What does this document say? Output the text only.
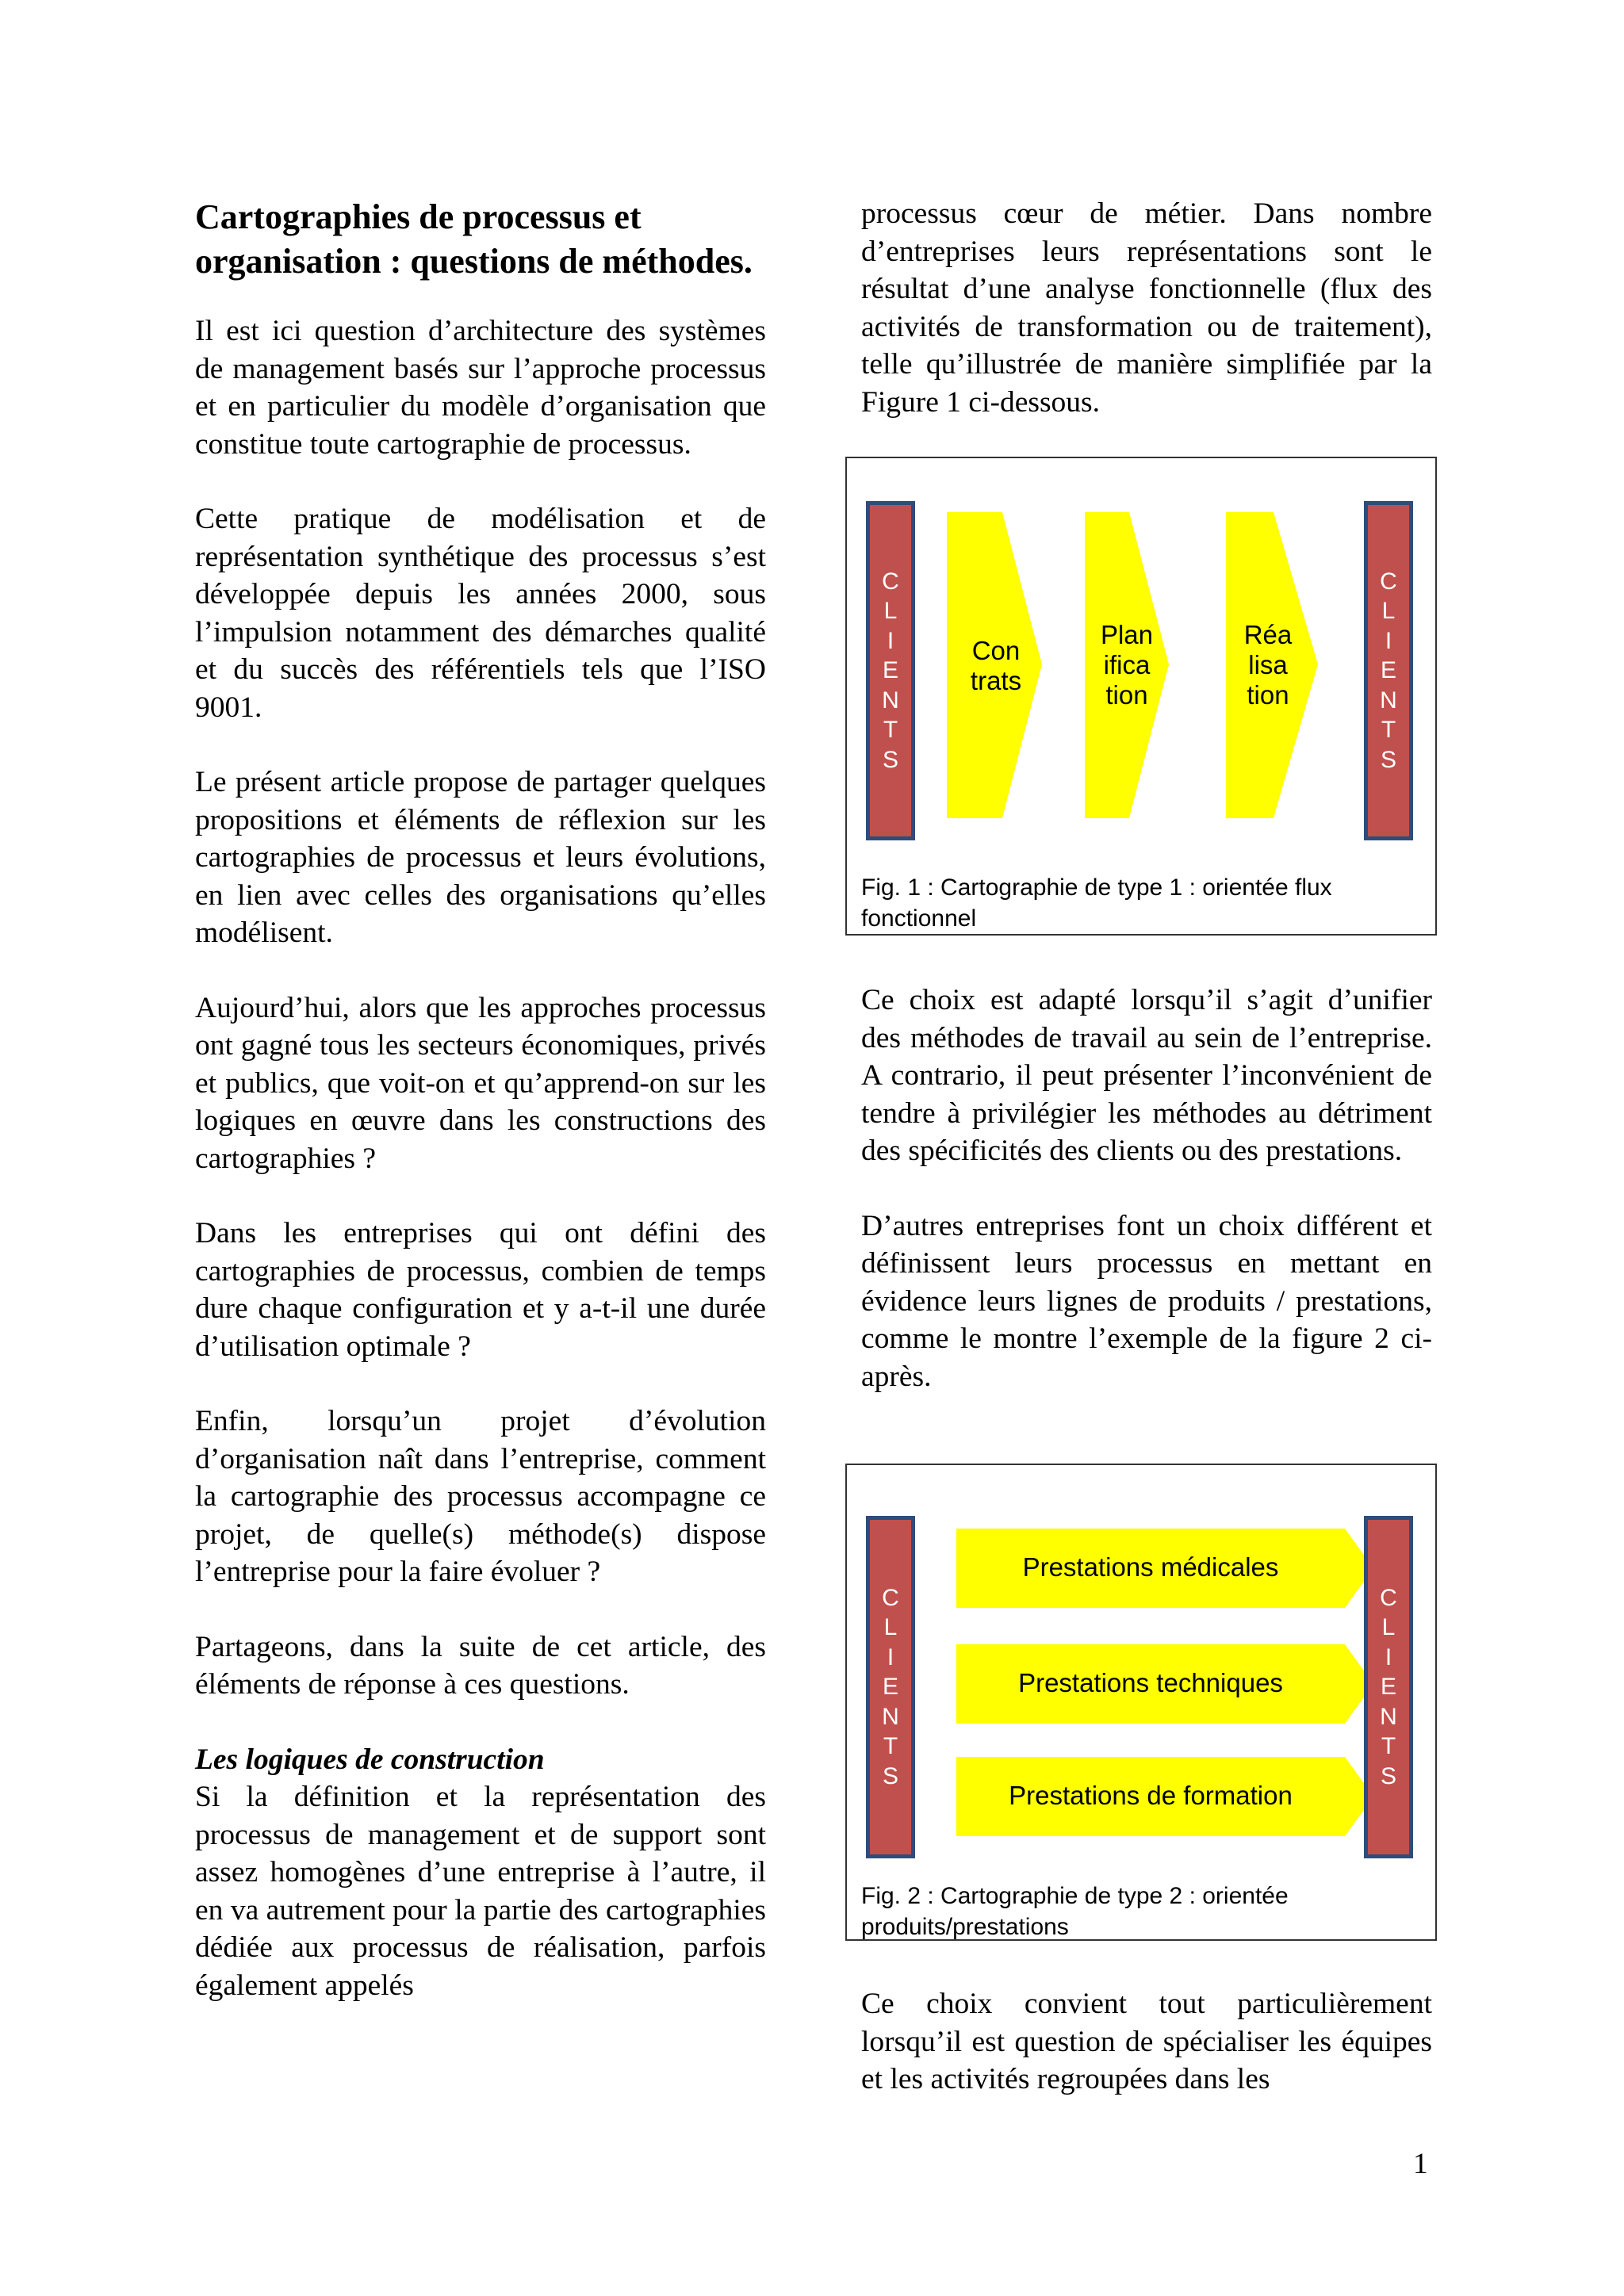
Cartographies de processus et organisation : questions de méthodes.

Il est ici question d’architecture des systèmes de management basés sur l’approche processus et en particulier du modèle d’organisation que constitue toute cartographie de processus.

Cette pratique de modélisation et de représentation synthétique des processus s’est développée depuis les années 2000, sous l’impulsion notamment des démarches qualité et du succès des référentiels tels que l’ISO 9001.

Le présent article propose de partager quelques propositions et éléments de réflexion sur les cartographies de processus et leurs évolutions, en lien avec celles des organisations qu’elles modélisent.

Aujourd’hui, alors que les approches processus ont gagné tous les secteurs économiques, privés et publics, que voit-on et qu’apprend-on sur les logiques en œuvre dans les constructions des cartographies ?

Dans les entreprises qui ont défini des cartographies de processus, combien de temps dure chaque configuration et y a-t-il une durée d’utilisation optimale ?

Enfin, lorsqu’un projet d’évolution d’organisation naît dans l’entreprise, comment la cartographie des processus accompagne ce projet, de quelle(s) méthode(s) dispose l’entreprise pour la faire évoluer ?

Partageons, dans la suite de cet article, des éléments de réponse à ces questions.

Les logiques de construction
Si la définition et la représentation des processus de management et de support sont assez homogènes d’une entreprise à l’autre, il en va autrement pour la partie des cartographies dédiée aux processus de réalisation, parfois également appelés

processus cœur de métier. Dans nombre d’entreprises leurs représentations sont le résultat d’une analyse fonctionnelle (flux des activités de transformation ou de traitement), telle qu’illustrée de manière simplifiée par la Figure 1 ci-dessous.

C
L
I
E
N
T
S
Con
trats
Plan
ifica
tion
Réa
lisa
tion
C
L
I
E
N
T
S
Fig. 1 : Cartographie de type 1 : orientée flux fonctionnel

Ce choix est adapté lorsqu’il s’agit d’unifier des méthodes de travail au sein de l’entreprise. A contrario, il peut présenter l’inconvénient de tendre à privilégier les méthodes au détriment des spécificités des clients ou des prestations.

D’autres entreprises font un choix différent et définissent leurs processus en mettant en évidence leurs lignes de produits / prestations, comme le montre l’exemple de la figure 2 ci-après.

C
L
I
E
N
T
S
Prestations médicales
Prestations techniques
Prestations de formation
C
L
I
E
N
T
S
Fig. 2 : Cartographie de type 2 : orientée produits/prestations

Ce choix convient tout particulièrement lorsqu’il est question de spécialiser les équipes et les activités regroupées dans les

1
